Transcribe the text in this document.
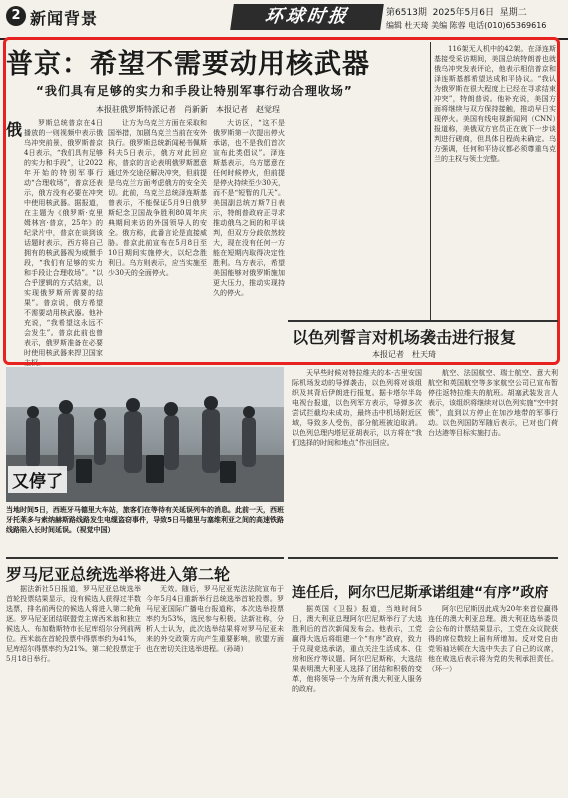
2 新闻背景	环球时报	第6513期 2025年5月6日 星期二
编辑 杜天琦 美编 陈蓉 电话(010)65369616
普京：希望不需要动用核武器
“我们具有足够的实力和手段让特别军事行动合理收场”
本报驻俄罗斯特派记者　肖新新　本报记者　赵觉珵
俄	罗斯总统普京在4日播放的一则视频中表示俄乌冲突前景，俄罗斯普京4日表示，“我们具有足够的实力和手段”，让2022年开始的特别军事行动“合理收场”，普京还表示，俄方没有必要在冲突中使用核武器。据报道，在主题为《俄罗斯·克里姆林宫·普京，25年》的纪录片中，普京在谈到该话题时表示，西方将自己拥有的核武器视为威慑手段，“我们有足够的实力和手段让合理收场”。“以合乎逻辑的方式结束，以实现俄罗斯所需要的结果”。普京说，俄方希望不需要动用核武器。他补充说，“我希望这永远不会发生”。普京此前也曾表示，俄罗斯准备在必要时使用核武器来捍卫国家主权。

让方为乌克兰方面在采取和国举措，加剧乌克兰当前在安外执行。俄罗斯总统新闻秘书佩斯科夫5日表示，俄方对此回应称，普京的言论表明俄罗斯愿意通过外交途径解决冲突，但前提是乌克兰方面考虑俄方的安全关切。此前，乌克兰总统泽连斯基曾表示，不能保证5月9日俄罗斯纪念卫国战争胜利80周年庆典期间来访的外国领导人的安全。俄方称，此番言论是直接威胁。普京此前宣布在5月8日至10日期间实施停火，以纪念胜利日。乌方则表示，应当实施至少30天的全面停火。

大访区，“这不是俄罗斯第一次提出停火承诺，也不是我们首次宣布此类倡议”。泽连斯基表示，乌方愿意在任何时候停火，但前提是停火持续至少30天，而不是“短暂的几天”。美国副总统万斯7日表示，特朗普政府正寻求推动俄乌之间的和平谈判，但双方分歧依然较大，现在没有任何一方能在短期内取得决定性胜利。乌方表示，希望美国能够对俄罗斯施加更大压力，推动实现持久的停火。

116架无人机中的42架。在泽连斯基接受采访期间，美国总统特朗普也就俄乌冲突发表评论，他表示相信普京和泽连斯基都希望达成和平协议。“我认为俄罗斯在很大程度上已经在寻求结束冲突”，特朗普说。他补充说，美国方面将继续与双方保持接触，推动早日实现停火。美国有线电视新闻网（CNN）报道称，美俄双方官员正在就下一步谈判进行磋商，但具体日程尚未确定。乌方强调，任何和平协议都必须尊重乌克兰的主权与领土完整。

以色列誓言对机场袭击进行报复
本报记者　杜天琦

天早些时候对特拉维夫的本-古里安国际机场发动的导弹袭击，以色列将对该组织及其背后伊朗进行报复。据卡塔尔半岛电视台报道，以色列军方表示，导弹多次尝试拦截均未成功，最终击中机场附近区域，导致多人受伤，部分航班被迫取消。以色列总理内塔尼亚胡表示，以方将在“我们选择的时间和地点”作出回应。

航空、法国航空、瑞士航空、意大利航空和英国航空等多家航空公司已宣布暂停往返特拉维夫的航班。胡塞武装发言人表示，该组织将继续对以色列实施“空中封锁”，直到以方停止在加沙地带的军事行动。以色列国防军随后表示，已对也门荷台达港等目标实施打击。

又停了
当地时间5日，西班牙马德里大车站，旅客们在等待有关延误列车的消息。此前一天，西班牙托莱多与索纳赫斯路线路发生电缆盗窃事件，导致5日马德里与塞维利亚之间的高速铁路线路陷入长时间延误。（视觉中国）
罗马尼亚总统选举将进入第二轮

据法新社5日报道，罗马尼亚总统选举首轮投票结果显示，没有候选人获得过半数选票，排名前两位的候选人将进入第二轮角逐。罗马尼亚团结联盟党主席西米翁和独立候选人、布加勒斯特市长尼库绍尔分列前两位。西米翁在首轮投票中得票率约为41%，尼库绍尔得票率约为21%。第二轮投票定于5月18日举行。

无效。随后，罗马尼亚宪法法院宣布于今年5月4日重新举行总统选举首轮投票。罗马尼亚国际广播电台报道称，本次选举投票率约为53%，选民参与积极。法新社称，分析人士认为，此次选举结果将对罗马尼亚未来的外交政策方向产生重要影响，欧盟方面也在密切关注选举进程。（孙琦）

连任后，阿尔巴尼斯承诺组建“有序”政府

据英国《卫报》报道，当地时间5日，澳大利亚总理阿尔巴尼斯举行了大选胜利后的首次新闻发布会。他表示，工党赢得大选后将组建一个“有序”政府，致力于兑现竞选承诺，重点关注生活成本、住房和医疗等议题。阿尔巴尼斯称，大选结果表明澳大利亚人选择了团结和积极的变革，他将领导一个为所有澳大利亚人服务的政府。

阿尔巴尼斯因此成为20年来首位赢得连任的澳大利亚总理。澳大利亚选举委员会公布的计票结果显示，工党在众议院获得的席位数较上届有所增加。反对党自由党领袖达顿在大选中失去了自己的议席，他在败选后表示将为党的失利承担责任。（环一）
